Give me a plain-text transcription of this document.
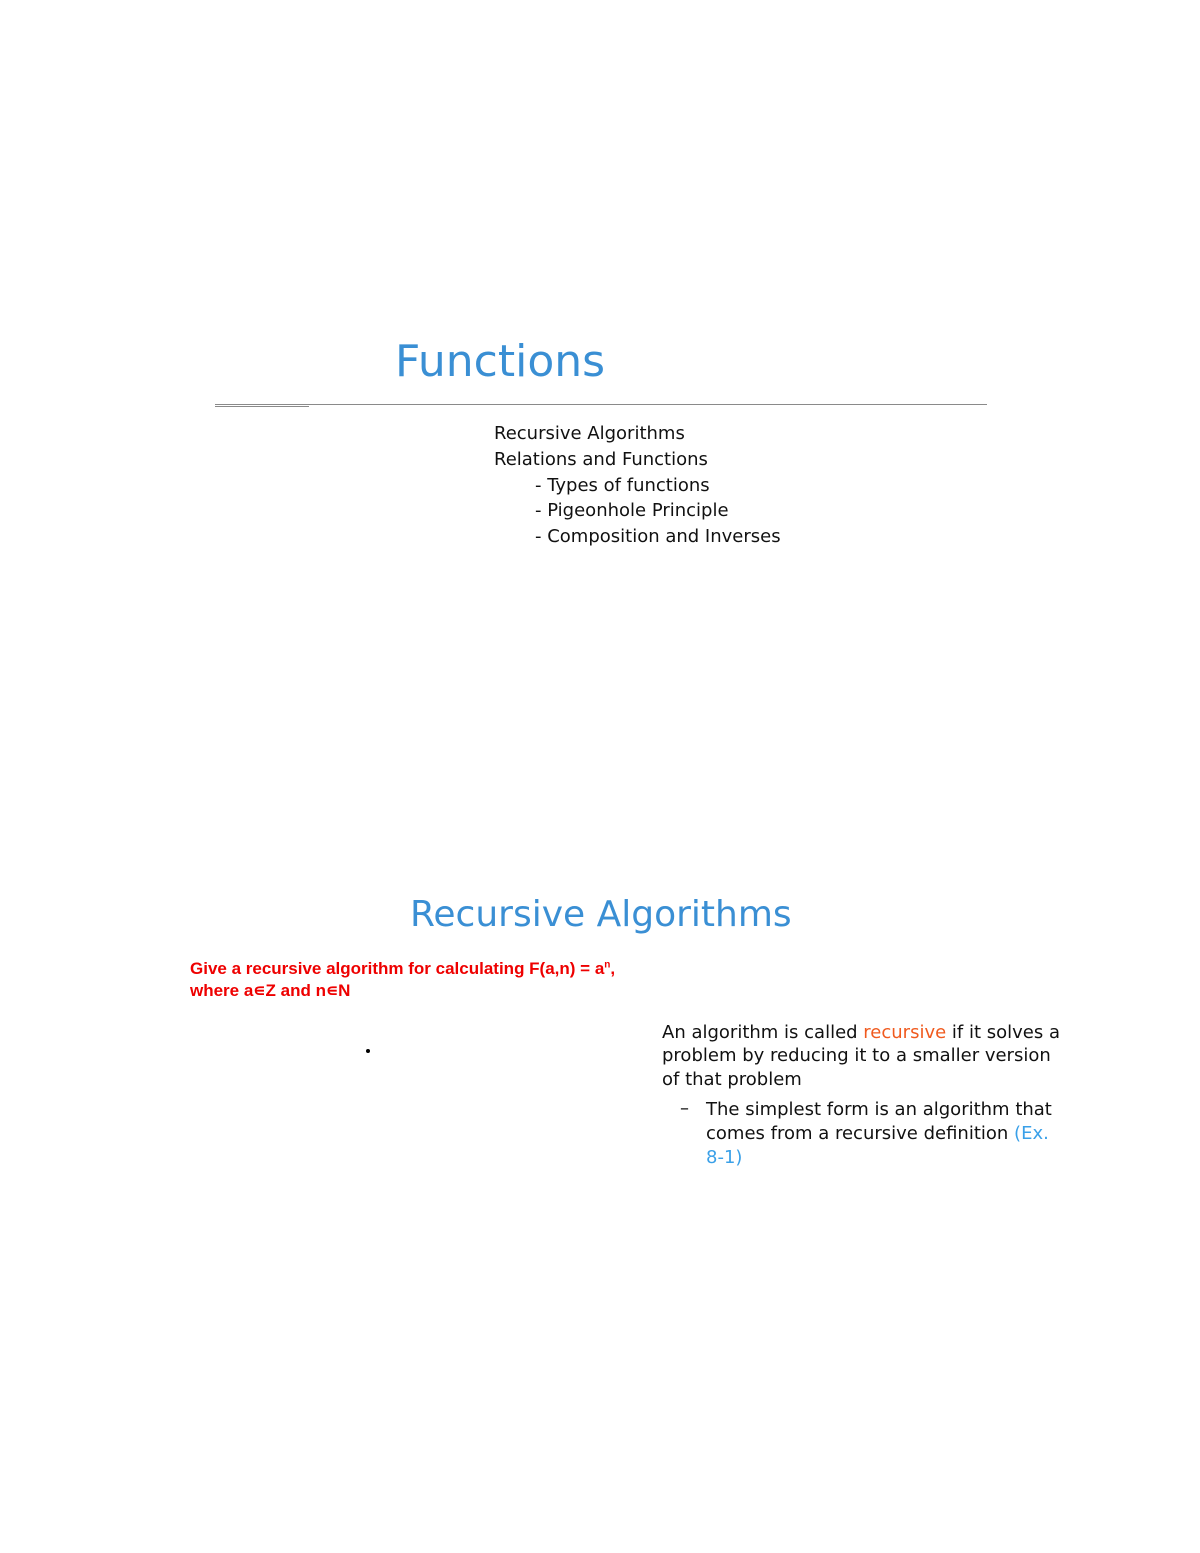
Functions
Recursive Algorithms
Relations and Functions
- Types of functions
- Pigeonhole Principle
- Composition and Inverses
Recursive Algorithms
Give a recursive algorithm for calculating $F(a,n) = a^n$,
where a∊Z and n∊N
An algorithm is called recursive if it solves a
problem by reducing it to a smaller version
of that problem
– The simplest form is an algorithm that
comes from a recursive definition (Ex.
8-1)
